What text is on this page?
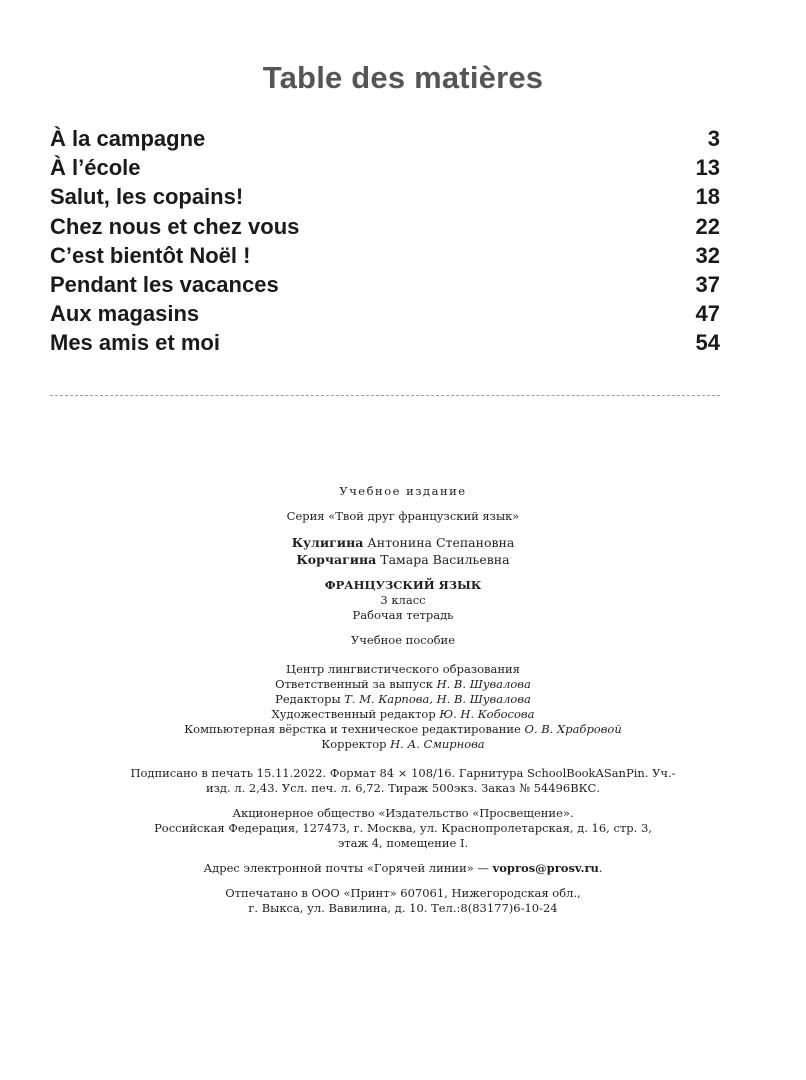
Table des matières
À la campagne	3
À l’école	13
Salut, les copains!	18
Chez nous et chez vous	22
C’est bientôt Noël !	32
Pendant les vacances	37
Aux magasins	47
Mes amis et moi	54

Учебное издание

Серия «Твой друг французский язык»

Кулигина Антонина Степановна

Корчагина Тамара Васильевна

ФРАНЦУЗСКИЙ ЯЗЫК

3 класс

Рабочая тетрадь

Учебное пособие

Центр лингвистического образования

Ответственный за выпуск Н. В. Шувалова

Редакторы Т. М. Карпова, Н. В. Шувалова

Художественный редактор Ю. Н. Кобосова

Компьютерная вёрстка и техническое редактирование О. В. Храбровой

Корректор Н. А. Смирнова

Подписано в печать 15.11.2022. Формат 84 × 108/16. Гарнитура SchoolBookASanPin. Уч.-

изд. л. 2,43. Усл. печ. л. 6,72. Тираж 500экз. Заказ № 54496ВКС.

Акционерное общество «Издательство «Просвещение».

Российская Федерация, 127473, г. Москва, ул. Краснопролетарская, д. 16, стр. 3,

этаж 4, помещение I.

Адрес электронной почты «Горячей линии» — vopros@prosv.ru.

Отпечатано в ООО «Принт» 607061, Нижегородская обл.,

г. Выкса, ул. Вавилина, д. 10. Тел.:8(83177)6-10-24
